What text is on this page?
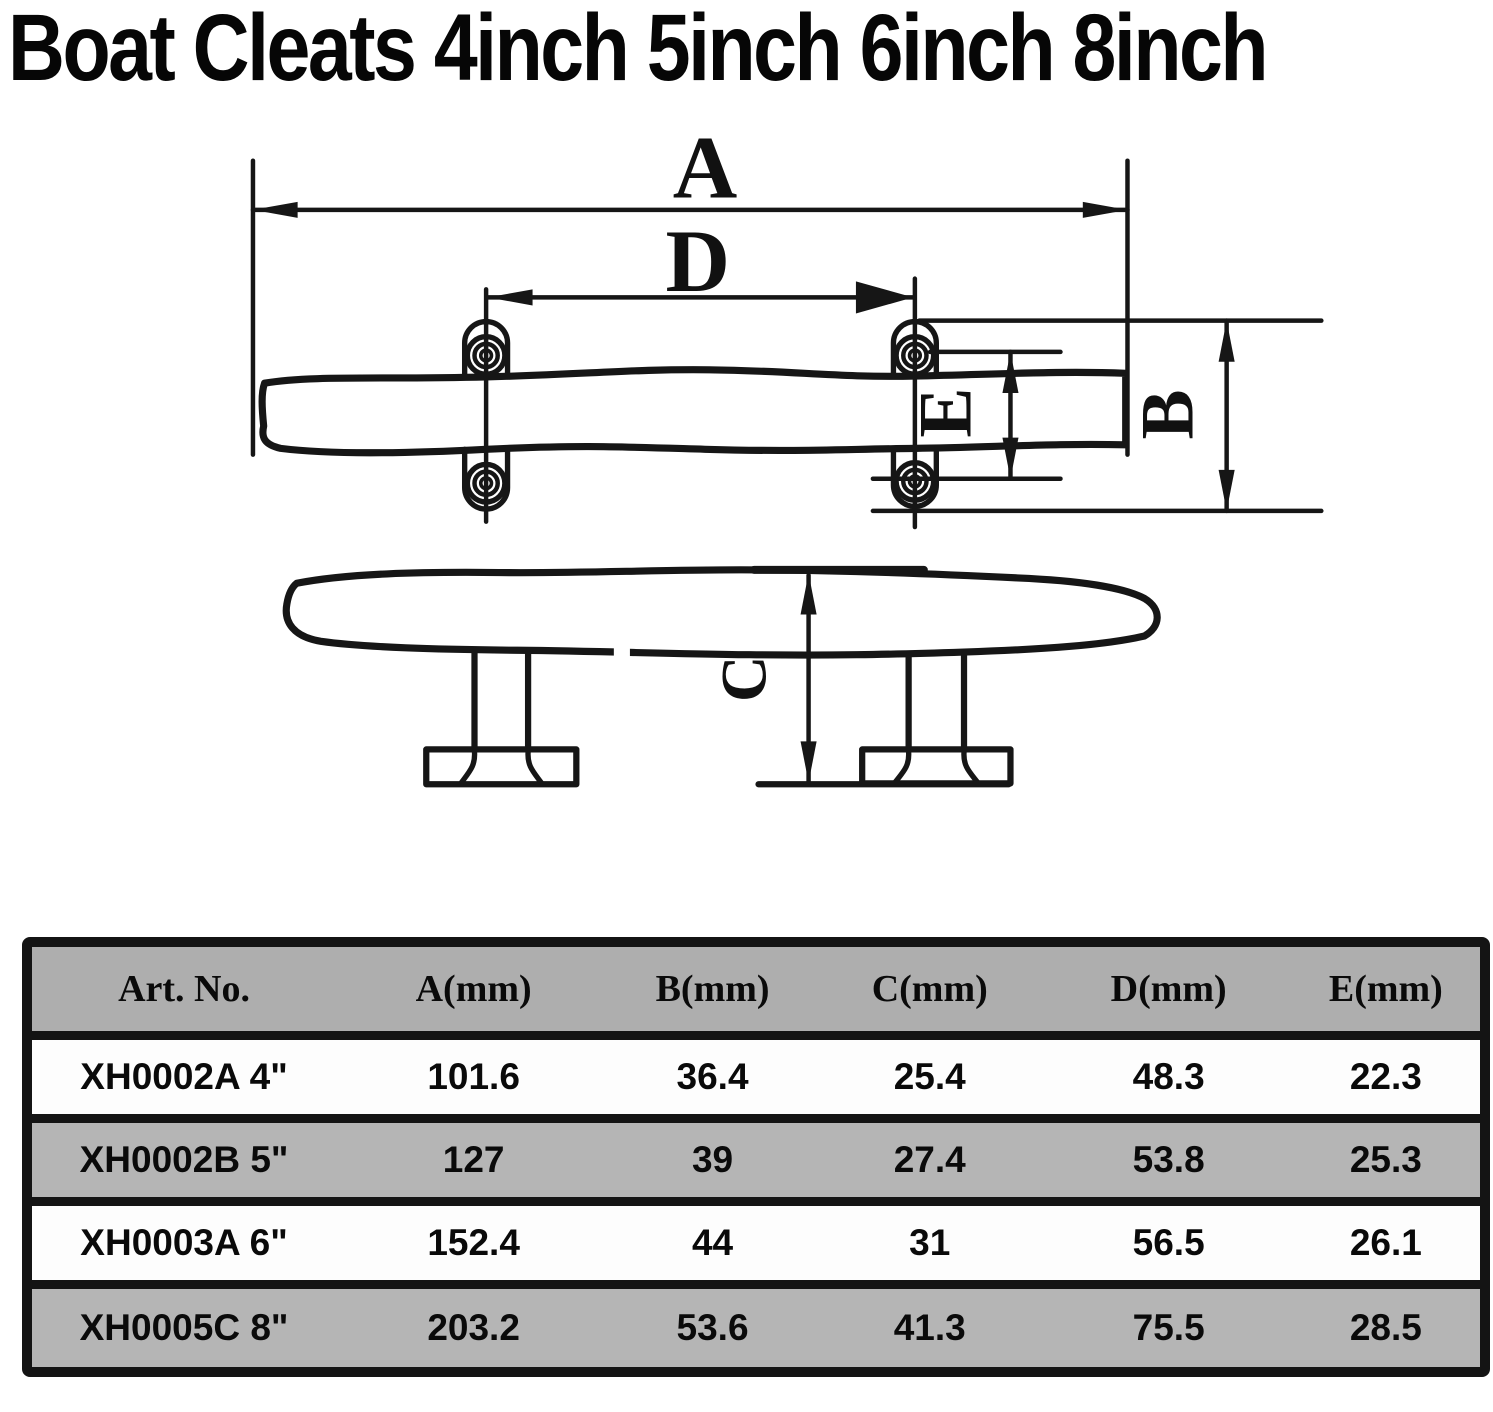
Boat Cleats 4inch 5inch 6inch 8inch
A
D
E B
C
Art. No.	A(mm)	B(mm)	C(mm)	D(mm)	E(mm)
XH0002A 4"	101.6	36.4	25.4	48.3	22.3
XH0002B 5"	127	39	27.4	53.8	25.3
XH0003A 6"	152.4	44	31	56.5	26.1
XH0005C 8"	203.2	53.6	41.3	75.5	28.5
